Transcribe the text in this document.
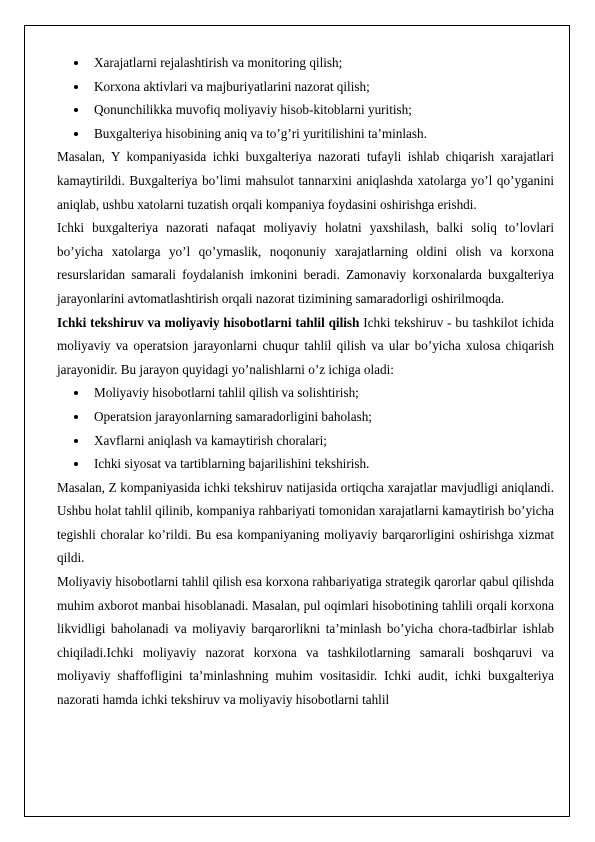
Xarajatlarni rejalashtirish va monitoring qilish;
Korxona aktivlari va majburiyatlarini nazorat qilish;
Qonunchilikka muvofiq moliyaviy hisob-kitoblarni yuritish;
Buxgalteriya hisobining aniq va to’g’ri yuritilishini ta’minlash.

Masalan, Y kompaniyasida ichki buxgalteriya nazorati tufayli ishlab chiqarish xarajatlari kamaytirildi. Buxgalteriya bo’limi mahsulot tannarxini aniqlashda xatolarga yo’l qo’yganini aniqlab, ushbu xatolarni tuzatish orqali kompaniya foydasini oshirishga erishdi.

Ichki buxgalteriya nazorati nafaqat moliyaviy holatni yaxshilash, balki soliq to’lovlari bo’yicha xatolarga yo’l qo’ymaslik, noqonuniy xarajatlarning oldini olish va korxona resurslaridan samarali foydalanish imkonini beradi. Zamonaviy korxonalarda buxgalteriya jarayonlarini avtomatlashtirish orqali nazorat tizimining samaradorligi oshirilmoqda.

Ichki tekshiruv va moliyaviy hisobotlarni tahlil qilish Ichki tekshiruv - bu tashkilot ichida moliyaviy va operatsion jarayonlarni chuqur tahlil qilish va ular bo’yicha xulosa chiqarish jarayonidir. Bu jarayon quyidagi yo’nalishlarni o’z ichiga oladi:

Moliyaviy hisobotlarni tahlil qilish va solishtirish;
Operatsion jarayonlarning samaradorligini baholash;
Xavflarni aniqlash va kamaytirish choralari;
Ichki siyosat va tartiblarning bajarilishini tekshirish.

Masalan, Z kompaniyasida ichki tekshiruv natijasida ortiqcha xarajatlar mavjudligi aniqlandi. Ushbu holat tahlil qilinib, kompaniya rahbariyati tomonidan xarajatlarni kamaytirish bo’yicha tegishli choralar ko’rildi. Bu esa kompaniyaning moliyaviy barqarorligini oshirishga xizmat qildi.

Moliyaviy hisobotlarni tahlil qilish esa korxona rahbariyatiga strategik qarorlar qabul qilishda muhim axborot manbai hisoblanadi. Masalan, pul oqimlari hisobotining tahlili orqali korxona likvidligi baholanadi va moliyaviy barqarorlikni ta’minlash bo’yicha chora-tadbirlar ishlab chiqiladi.Ichki moliyaviy nazorat korxona va tashkilotlarning samarali boshqaruvi va moliyaviy shaffofligini ta’minlashning muhim vositasidir. Ichki audit, ichki buxgalteriya nazorati hamda ichki tekshiruv va moliyaviy hisobotlarni tahlil
